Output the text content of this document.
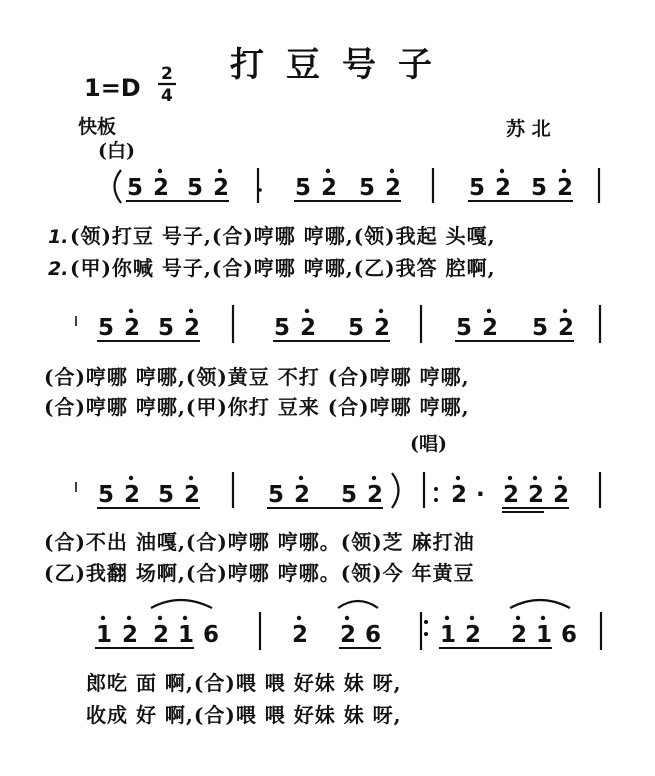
1=D 2
4
打豆号子
快板	苏 北
(白)
(唱)
5 2 5 2	5 2 5 2	5 2 5 2
1. (领)打豆 号子,(合)哼哪 哼哪,(领)我起 头嘎,
2. (甲)你喊 号子,(合)哼哪 哼哪,(乙)我答 腔啊,
5 2 5 2	5 2 5 2	5 2 5 2
(合)哼哪 哼哪,(领)黄豆 不打 (合)哼哪 哼哪,
(合)哼哪 哼哪,(甲)你打 豆来 (合)哼哪 哼哪,
5 2 5 2	5 2 5 2	2 · 2 2 2
(合)不出 油嘎,(合)哼哪 哼哪。(领)芝 麻打油
(乙)我翻 场啊,(合)哼哪 哼哪。(领)今 年黄豆
1 2 2 1 6	2 2 6	1 2 2 1 6
郎吃 面 啊,(合)喂 喂 好妹 妹 呀,
收成 好 啊,(合)喂 喂 好妹 妹 呀,
